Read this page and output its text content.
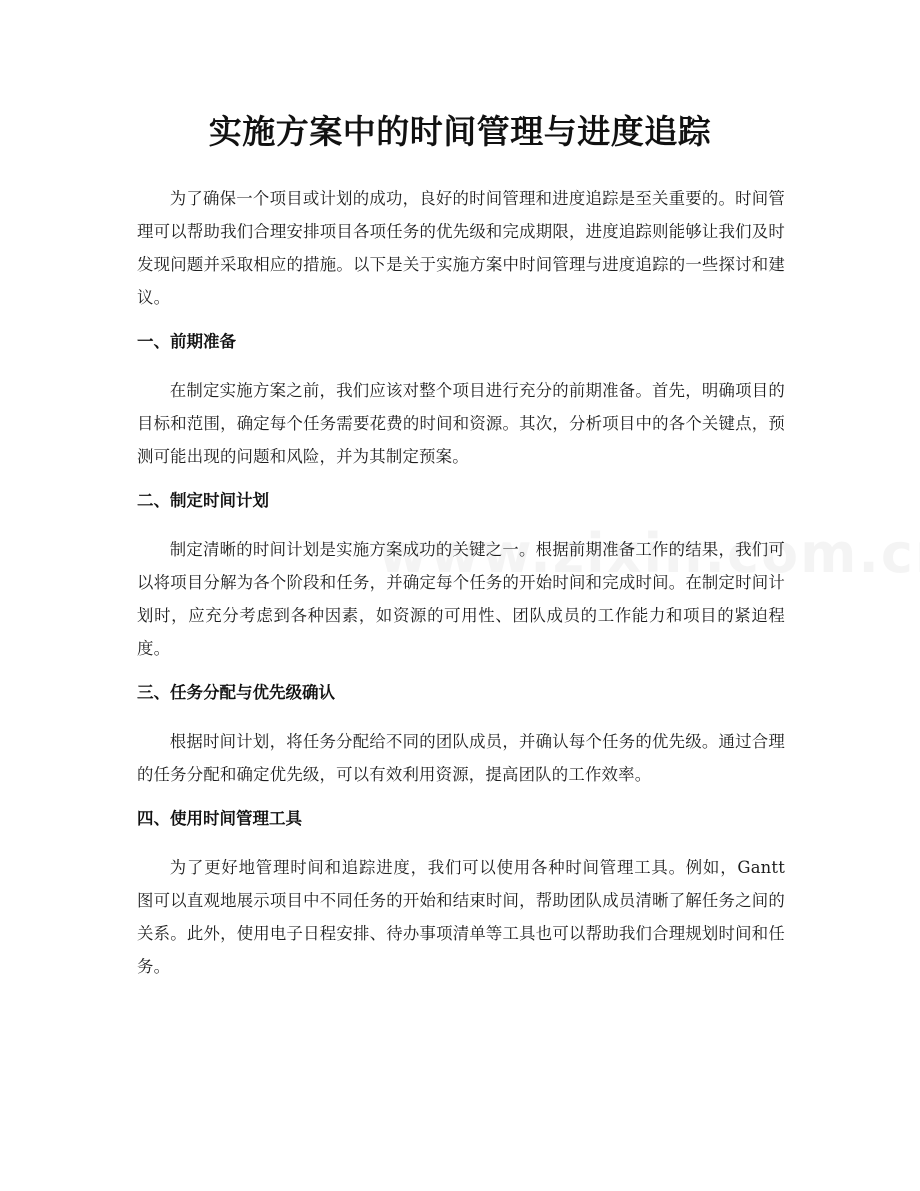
实施方案中的时间管理与进度追踪

为了确保一个项目或计划的成功，良好的时间管理和进度追踪是至关重要的。时间管理可以帮助我们合理安排项目各项任务的优先级和完成期限，进度追踪则能够让我们及时发现问题并采取相应的措施。以下是关于实施方案中时间管理与进度追踪的一些探讨和建议。

一、前期准备

在制定实施方案之前，我们应该对整个项目进行充分的前期准备。首先，明确项目的目标和范围，确定每个任务需要花费的时间和资源。其次，分析项目中的各个关键点，预测可能出现的问题和风险，并为其制定预案。

二、制定时间计划

制定清晰的时间计划是实施方案成功的关键之一。根据前期准备工作的结果，我们可以将项目分解为各个阶段和任务，并确定每个任务的开始时间和完成时间。在制定时间计划时，应充分考虑到各种因素，如资源的可用性、团队成员的工作能力和项目的紧迫程度。

三、任务分配与优先级确认

根据时间计划，将任务分配给不同的团队成员，并确认每个任务的优先级。通过合理的任务分配和确定优先级，可以有效利用资源，提高团队的工作效率。

四、使用时间管理工具

为了更好地管理时间和追踪进度，我们可以使用各种时间管理工具。例如，Gantt 图可以直观地展示项目中不同任务的开始和结束时间，帮助团队成员清晰了解任务之间的关系。此外，使用电子日程安排、待办事项清单等工具也可以帮助我们合理规划时间和任务。
